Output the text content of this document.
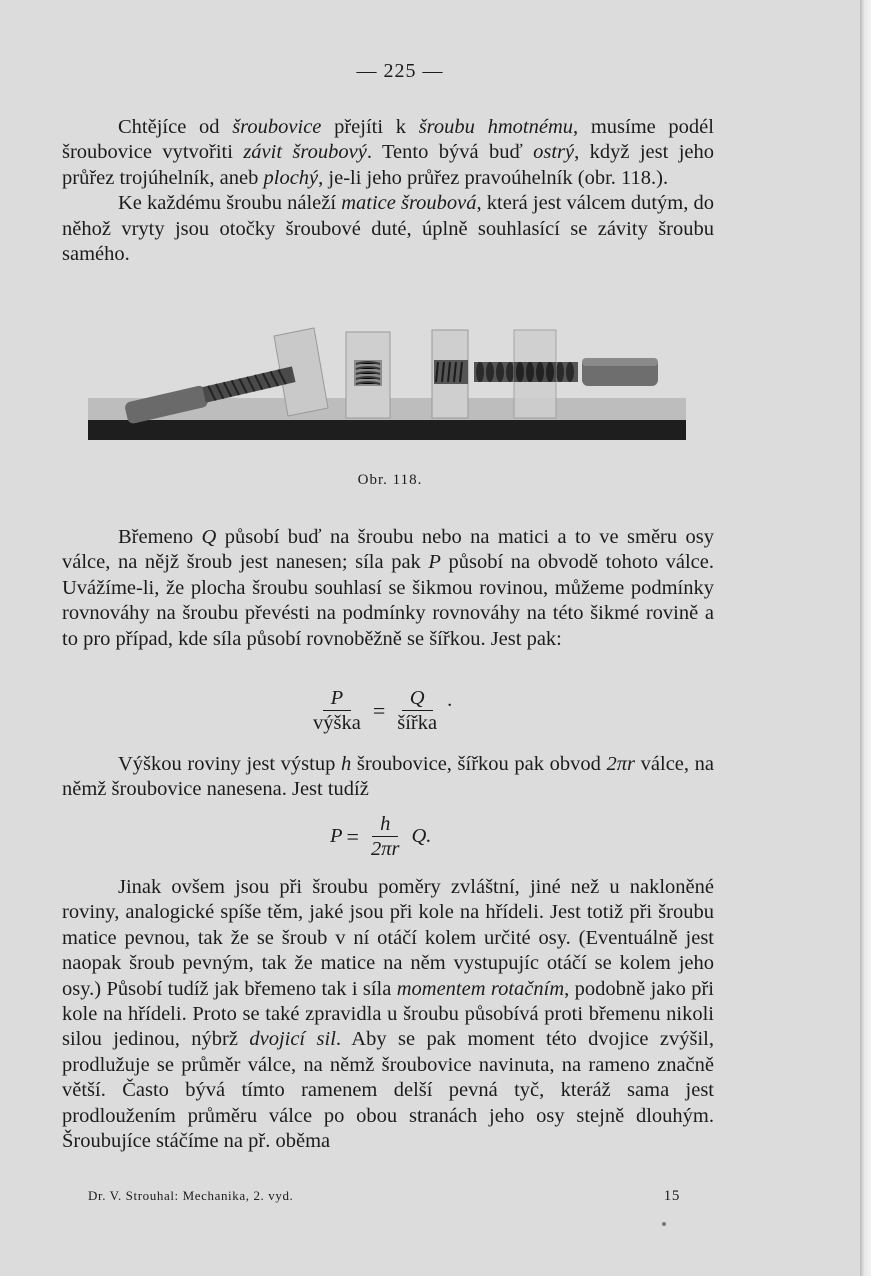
— 225 —

Chtějíce od šroubovice přejíti k šroubu hmotnému, musíme podél šroubovice vytvořiti závit šroubový. Tento bývá buď ostrý, když jest jeho průřez trojúhelník, aneb plochý, je-li jeho průřez pravoúhelník (obr. 118.).

Ke každému šroubu náleží matice šroubová, která jest válcem dutým, do něhož vryty jsou otočky šroubové duté, úplně souhlasící se závity šroubu samého.

Obr. 118.

Břemeno Q působí buď na šroubu nebo na matici a to ve směru osy válce, na nějž šroub jest nanesen; síla pak P působí na obvodě tohoto válce. Uvážíme-li, že plocha šroubu souhlasí se šikmou rovinou, můžeme podmínky rovnováhy na šroubu převésti na podmínky rovnováhy na této šikmé rovině a to pro případ, kde síla působí rovnoběžně se šířkou. Jest pak:

$\frac{P}{\text{výška}} = \frac{Q}{\text{šířka}}$ .

Výškou roviny jest výstup h šroubovice, šířkou pak obvod 2πr válce, na němž šroubovice nanesena. Jest tudíž

$P = \frac{h}{2\pi r} Q$.

Jinak ovšem jsou při šroubu poměry zvláštní, jiné než u nakloněné roviny, analogické spíše těm, jaké jsou při kole na hřídeli. Jest totiž při šroubu matice pevnou, tak že se šroub v ní otáčí kolem určité osy. (Eventuálně jest naopak šroub pevným, tak že matice na něm vystupujíc otáčí se kolem jeho osy.) Působí tudíž jak břemeno tak i síla momentem rotačním, podobně jako při kole na hřídeli. Proto se také zpravidla u šroubu působívá proti břemenu nikoli silou jedinou, nýbrž dvojicí sil. Aby se pak moment této dvojice zvýšil, prodlužuje se průměr válce, na němž šroubovice navinuta, na rameno značně větší. Často bývá tímto ramenem delší pevná tyč, kteráž sama jest prodloužením průměru válce po obou stranách jeho osy stejně dlouhým. Šroubujíce stáčíme na př. oběma

Dr. V. Strouhal: Mechanika, 2. vyd.	15
